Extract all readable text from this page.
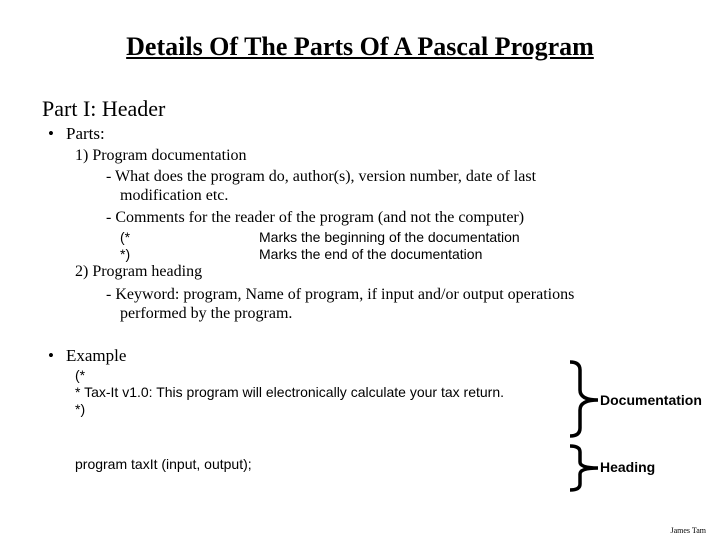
Details Of The Parts Of A Pascal Program
Part I: Header
• Parts:
1) Program documentation
- What does the program do, author(s), version number, date of last
modification etc.
- Comments for the reader of the program (and not the computer)
(*	Marks the beginning of the documentation
*)	Marks the end of the documentation
2) Program heading
- Keyword: program, Name of program, if input and/or output operations
performed by the program.
• Example
(*
* Tax-It v1.0: This program will electronically calculate your tax return.
*)
program taxIt (input, output);
Documentation
Heading
James Tam
